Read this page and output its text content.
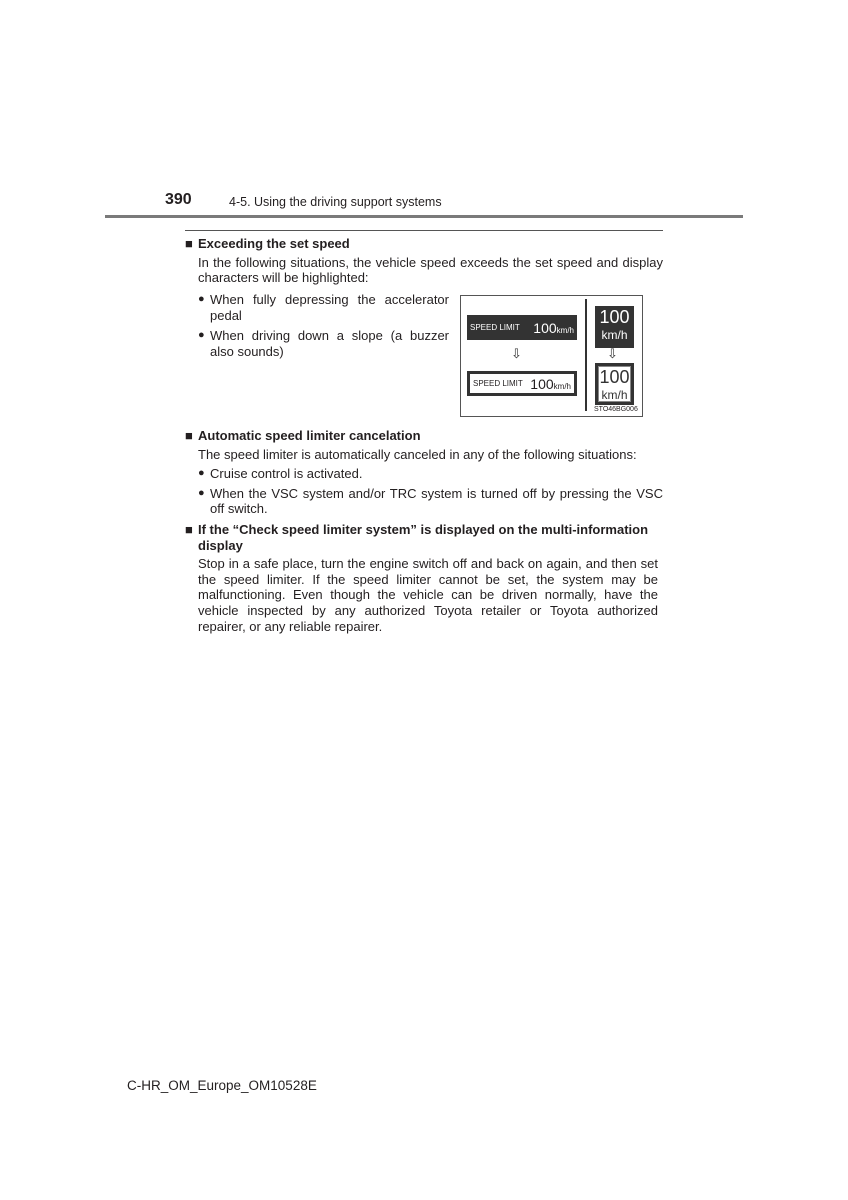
390	4-5. Using the driving support systems
■ Exceeding the set speed
In the following situations, the vehicle speed exceeds the set speed and display characters will be highlighted:
● When fully depressing the accelerator pedal
● When driving down a slope (a buzzer also sounds)
SPEED LIMIT 100km/h
⇩
SPEED LIMIT 100km/h
100
km/h
⇩
100
km/h
STO46BG006
■ Automatic speed limiter cancelation
The speed limiter is automatically canceled in any of the following situations:
● Cruise control is activated.
● When the VSC system and/or TRC system is turned off by pressing the VSC off switch.
■ If the “Check speed limiter system” is displayed on the multi-information display
Stop in a safe place, turn the engine switch off and back on again, and then set the speed limiter. If the speed limiter cannot be set, the system may be malfunctioning. Even though the vehicle can be driven normally, have the vehicle inspected by any authorized Toyota retailer or Toyota authorized repairer, or any reliable repairer.
C-HR_OM_Europe_OM10528E
